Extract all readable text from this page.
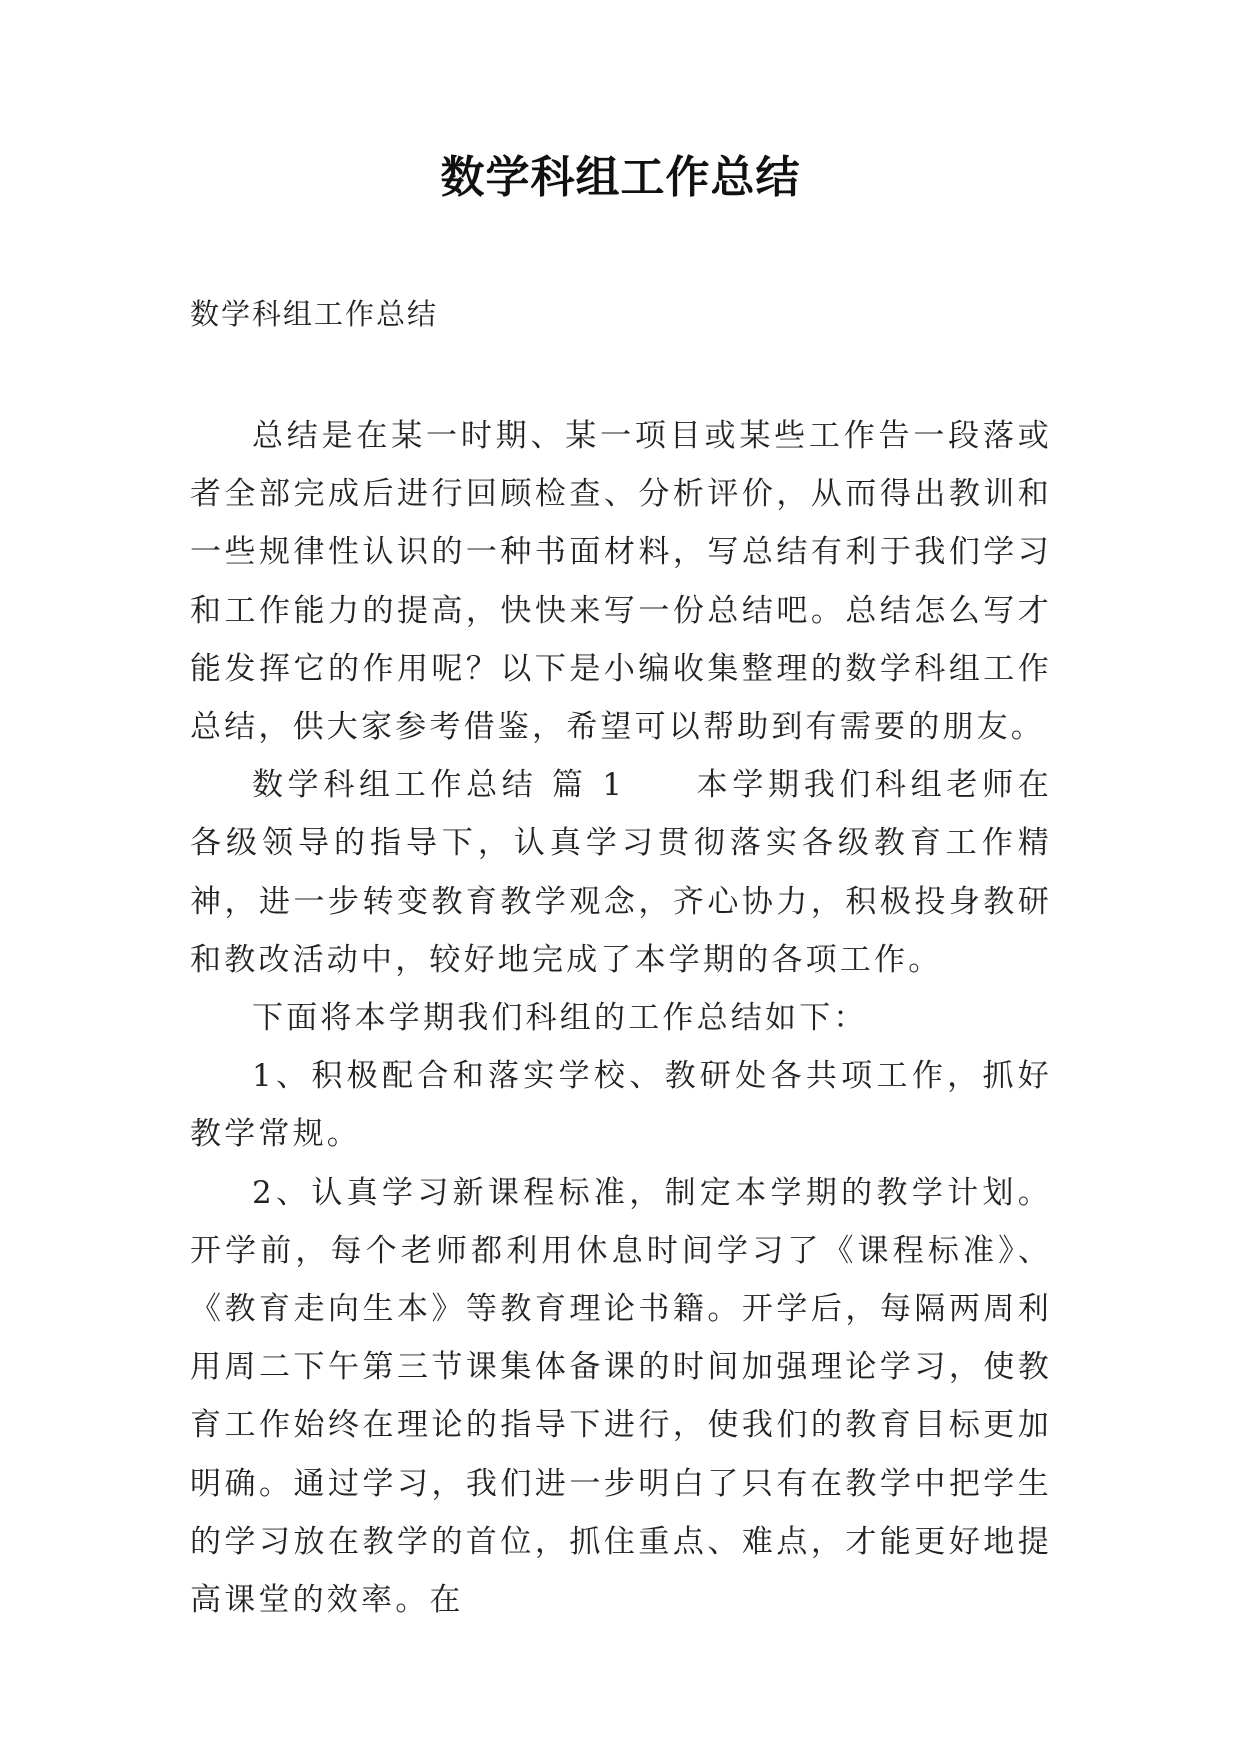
数学科组工作总结

数学科组工作总结

总结是在某一时期、某一项目或某些工作告一段落或者全部完成后进行回顾检查、分析评价，从而得出教训和一些规律性认识的一种书面材料，写总结有利于我们学习和工作能力的提高，快快来写一份总结吧。总结怎么写才能发挥它的作用呢？以下是小编收集整理的数学科组工作总结，供大家参考借鉴，希望可以帮助到有需要的朋友。

数学科组工作总结 篇 1 本学期我们科组老师在各级领导的指导下，认真学习贯彻落实各级教育工作精神，进一步转变教育教学观念，齐心协力，积极投身教研和教改活动中，较好地完成了本学期的各项工作。

下面将本学期我们科组的工作总结如下：

1、积极配合和落实学校、教研处各共项工作，抓好教学常规。

2、认真学习新课程标准，制定本学期的教学计划。开学前，每个老师都利用休息时间学习了《课程标准》、《教育走向生本》等教育理论书籍。开学后，每隔两周利用周二下午第三节课集体备课的时间加强理论学习，使教育工作始终在理论的指导下进行，使我们的教育目标更加明确。通过学习，我们进一步明白了只有在教学中把学生的学习放在教学的首位，抓住重点、难点，才能更好地提高课堂的效率。在
